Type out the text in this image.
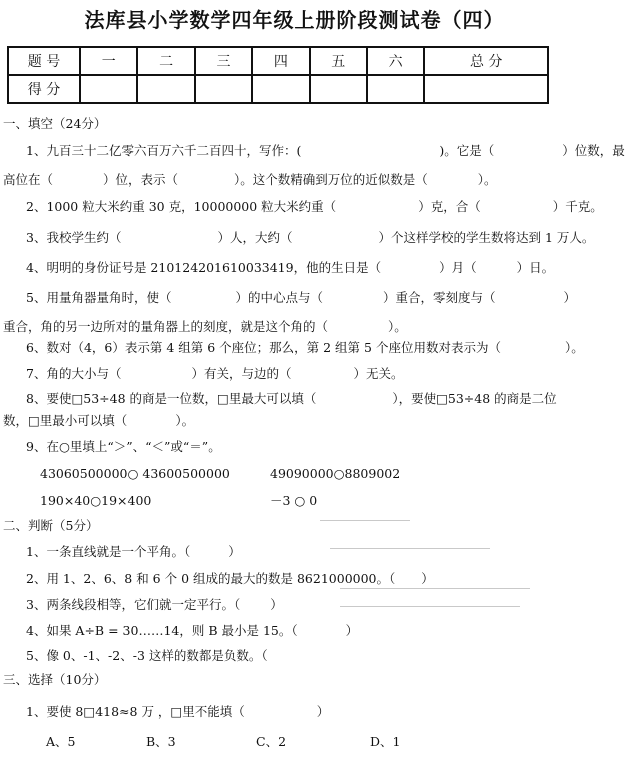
法库县小学数学四年级上册阶段测试卷（四）
题 号	一	二	三	四	五	六	总 分
得 分							
一、填空（24分）
1、九百三十二亿零六百万六千二百四十，写作：(	)。它是（	）位数，最
高位在（	）位，表示（	）。这个数精确到万位的近似数是（	）。
2、1000 粒大米约重 30 克，10000000 粒大米约重（	）克，合（	）千克。
3、我校学生约（	）人，大约（	）个这样学校的学生数将达到 1 万人。
4、明明的身份证号是 210124201610033419，他的生日是（	）月（	）日。
5、用量角器量角时，使（	）的中心点与（	）重合，零刻度与（	）
重合，角的另一边所对的量角器上的刻度，就是这个角的（	）。
6、数对（4，6）表示第 4 组第 6 个座位；那么，第 2 组第 5 个座位用数对表示为（	）。
7、角的大小与（	）有关，与边的（	）无关。
8、要使□53÷48 的商是一位数，□里最大可以填（	），要使□53÷48 的商是二位
数，□里最小可以填（	）。
9、在○里填上“＞”、“＜”或“＝”。
43060500000○ 43600500000	49090000○8809002
190×40○19×400	－3 ○ 0
二、判断（5分）
1、一条直线就是一个平角。（	）
2、用 1、2、6、8 和 6 个 0 组成的最大的数是 8621000000。（ ）
3、两条线段相等，它们就一定平行。（ ）
4、如果 A÷B = 30……14，则 B 最小是 15。（	）
5、像 0、-1、-2、-3 这样的数都是负数。（
三、选择（10分）
1、要使 8□418≈8 万 ，□里不能填（	）
A、5	B、3	C、2	D、1
